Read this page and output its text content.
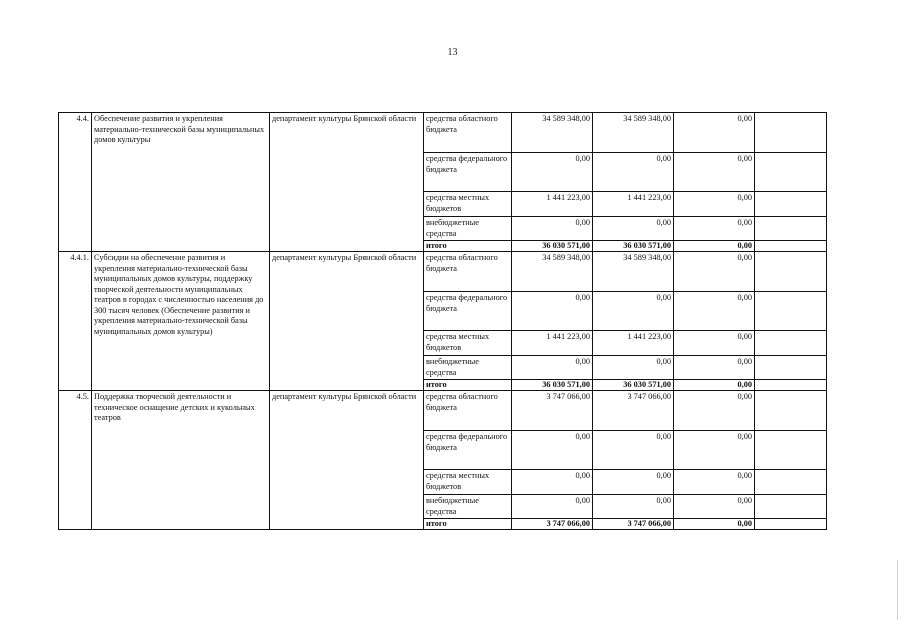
13
4.4.	Обеспечение развития и укрепления материально-технической базы муниципальных домов культуры	департамент культуры Брянской области	средства областного бюджета	34 589 348,00	34 589 348,00	0,00	
			средства федерального бюджета	0,00	0,00	0,00	
			средства местных бюджетов	1 441 223,00	1 441 223,00	0,00	
			внебюджетные средства	0,00	0,00	0,00	
			итого	36 030 571,00	36 030 571,00	0,00	
4.4.1.	Субсидии на обеспечение развития и укрепления материально-технической базы муниципальных домов культуры, поддержку творческой деятельности муниципальных театров в городах с численностью населения до 300 тысяч человек (Обеспечение развития и укрепления материально-технической базы муниципальных домов культуры)	департамент культуры Брянской области	средства областного бюджета	34 589 348,00	34 589 348,00	0,00	
			средства федерального бюджета	0,00	0,00	0,00	
			средства местных бюджетов	1 441 223,00	1 441 223,00	0,00	
			внебюджетные средства	0,00	0,00	0,00	
			итого	36 030 571,00	36 030 571,00	0,00	
4.5.	Поддержка творческой деятельности и техническое оснащение детских и кукольных театров	департамент культуры Брянской области	средства областного бюджета	3 747 066,00	3 747 066,00	0,00	
			средства федерального бюджета	0,00	0,00	0,00	
			средства местных бюджетов	0,00	0,00	0,00	
			внебюджетные средства	0,00	0,00	0,00	
			итого	3 747 066,00	3 747 066,00	0,00	
